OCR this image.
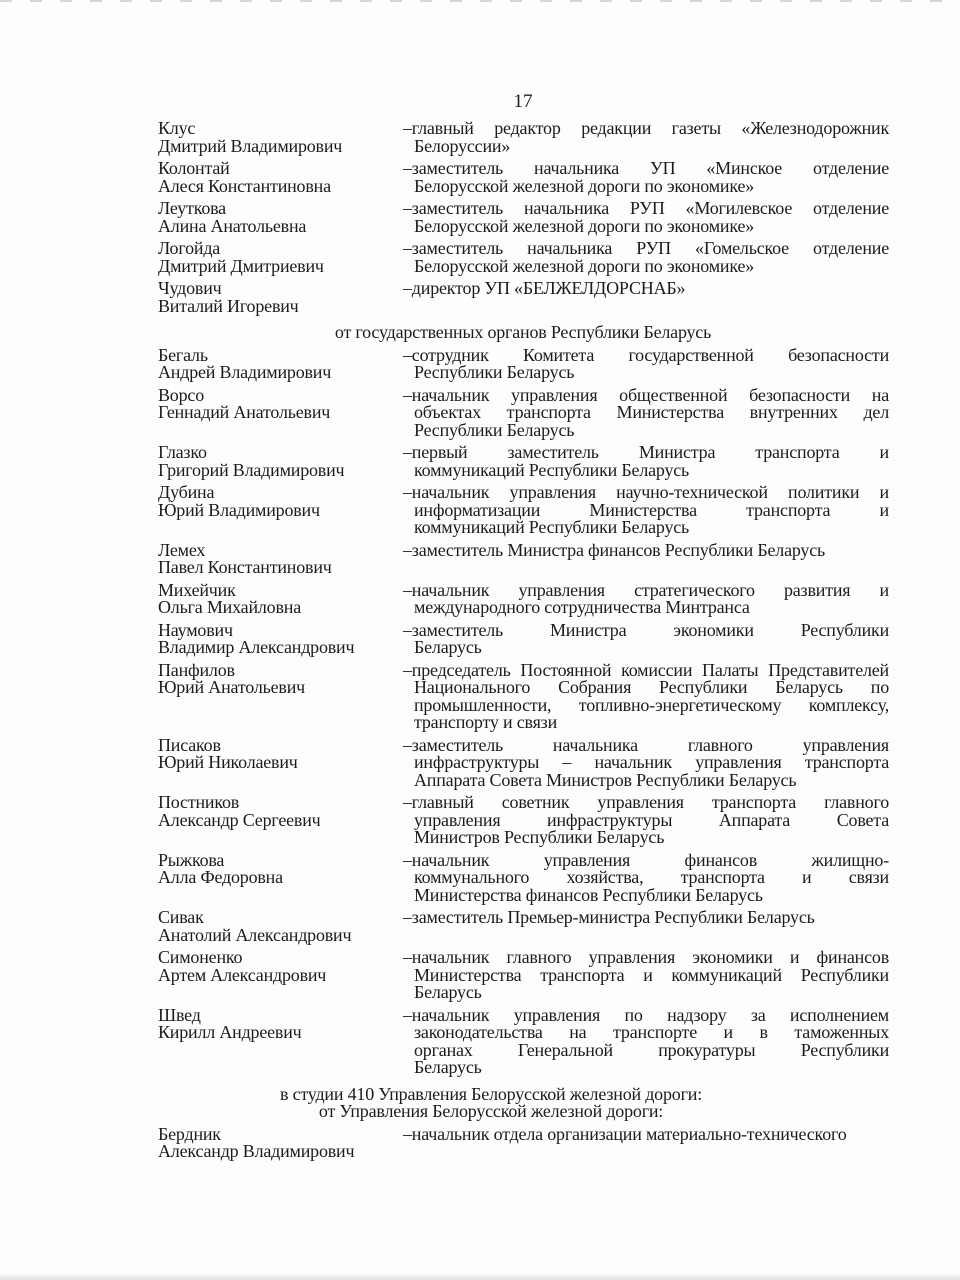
17
Клус
Дмитрий Владимирович
–главный редактор редакции газеты «Железнодорожник
Белоруссии»
Колонтай
Алеся Константиновна
–заместитель начальника УП «Минское отделение
Белорусской железной дороги по экономике»
Леуткова
Алина Анатольевна
–заместитель начальника РУП «Могилевское отделение
Белорусской железной дороги по экономике»
Логойда
Дмитрий Дмитриевич
–заместитель начальника РУП «Гомельское отделение
Белорусской железной дороги по экономике»
Чудович
Виталий Игоревич
–директор УП «БЕЛЖЕЛДОРСНАБ»
от государственных органов Республики Беларусь
Бегаль
Андрей Владимирович
–сотрудник Комитета государственной безопасности
Республики Беларусь
Ворсо
Геннадий Анатольевич
–начальник управления общественной безопасности на
объектах транспорта Министерства внутренних дел
Республики Беларусь
Глазко
Григорий Владимирович
–первый заместитель Министра транспорта и
коммуникаций Республики Беларусь
Дубина
Юрий Владимирович
–начальник управления научно-технической политики и
информатизации Министерства транспорта и
коммуникаций Республики Беларусь
Лемех
Павел Константинович
–заместитель Министра финансов Республики Беларусь
Михейчик
Ольга Михайловна
–начальник управления стратегического развития и
международного сотрудничества Минтранса
Наумович
Владимир Александрович
–заместитель Министра экономики Республики
Беларусь
Панфилов
Юрий Анатольевич
–председатель Постоянной комиссии Палаты Представителей
Национального Собрания Республики Беларусь по
промышленности, топливно-энергетическому комплексу,
транспорту и связи
Писаков
Юрий Николаевич
–заместитель начальника главного управления
инфраструктуры – начальник управления транспорта
Аппарата Совета Министров Республики Беларусь
Постников
Александр Сергеевич
–главный советник управления транспорта главного
управления инфраструктуры Аппарата Совета
Министров Республики Беларусь
Рыжкова
Алла Федоровна
–начальник управления финансов жилищно-
коммунального хозяйства, транспорта и связи
Министерства финансов Республики Беларусь
Сивак
Анатолий Александрович
–заместитель Премьер-министра Республики Беларусь
Симоненко
Артем Александрович
–начальник главного управления экономики и финансов
Министерства транспорта и коммуникаций Республики
Беларусь
Швед
Кирилл Андреевич
–начальник управления по надзору за исполнением
законодательства на транспорте и в таможенных
органах Генеральной прокуратуры Республики
Беларусь
в студии 410 Управления Белорусской железной дороги:
от Управления Белорусской железной дороги:
Бердник
Александр Владимирович
–начальник отдела организации материально-технического
